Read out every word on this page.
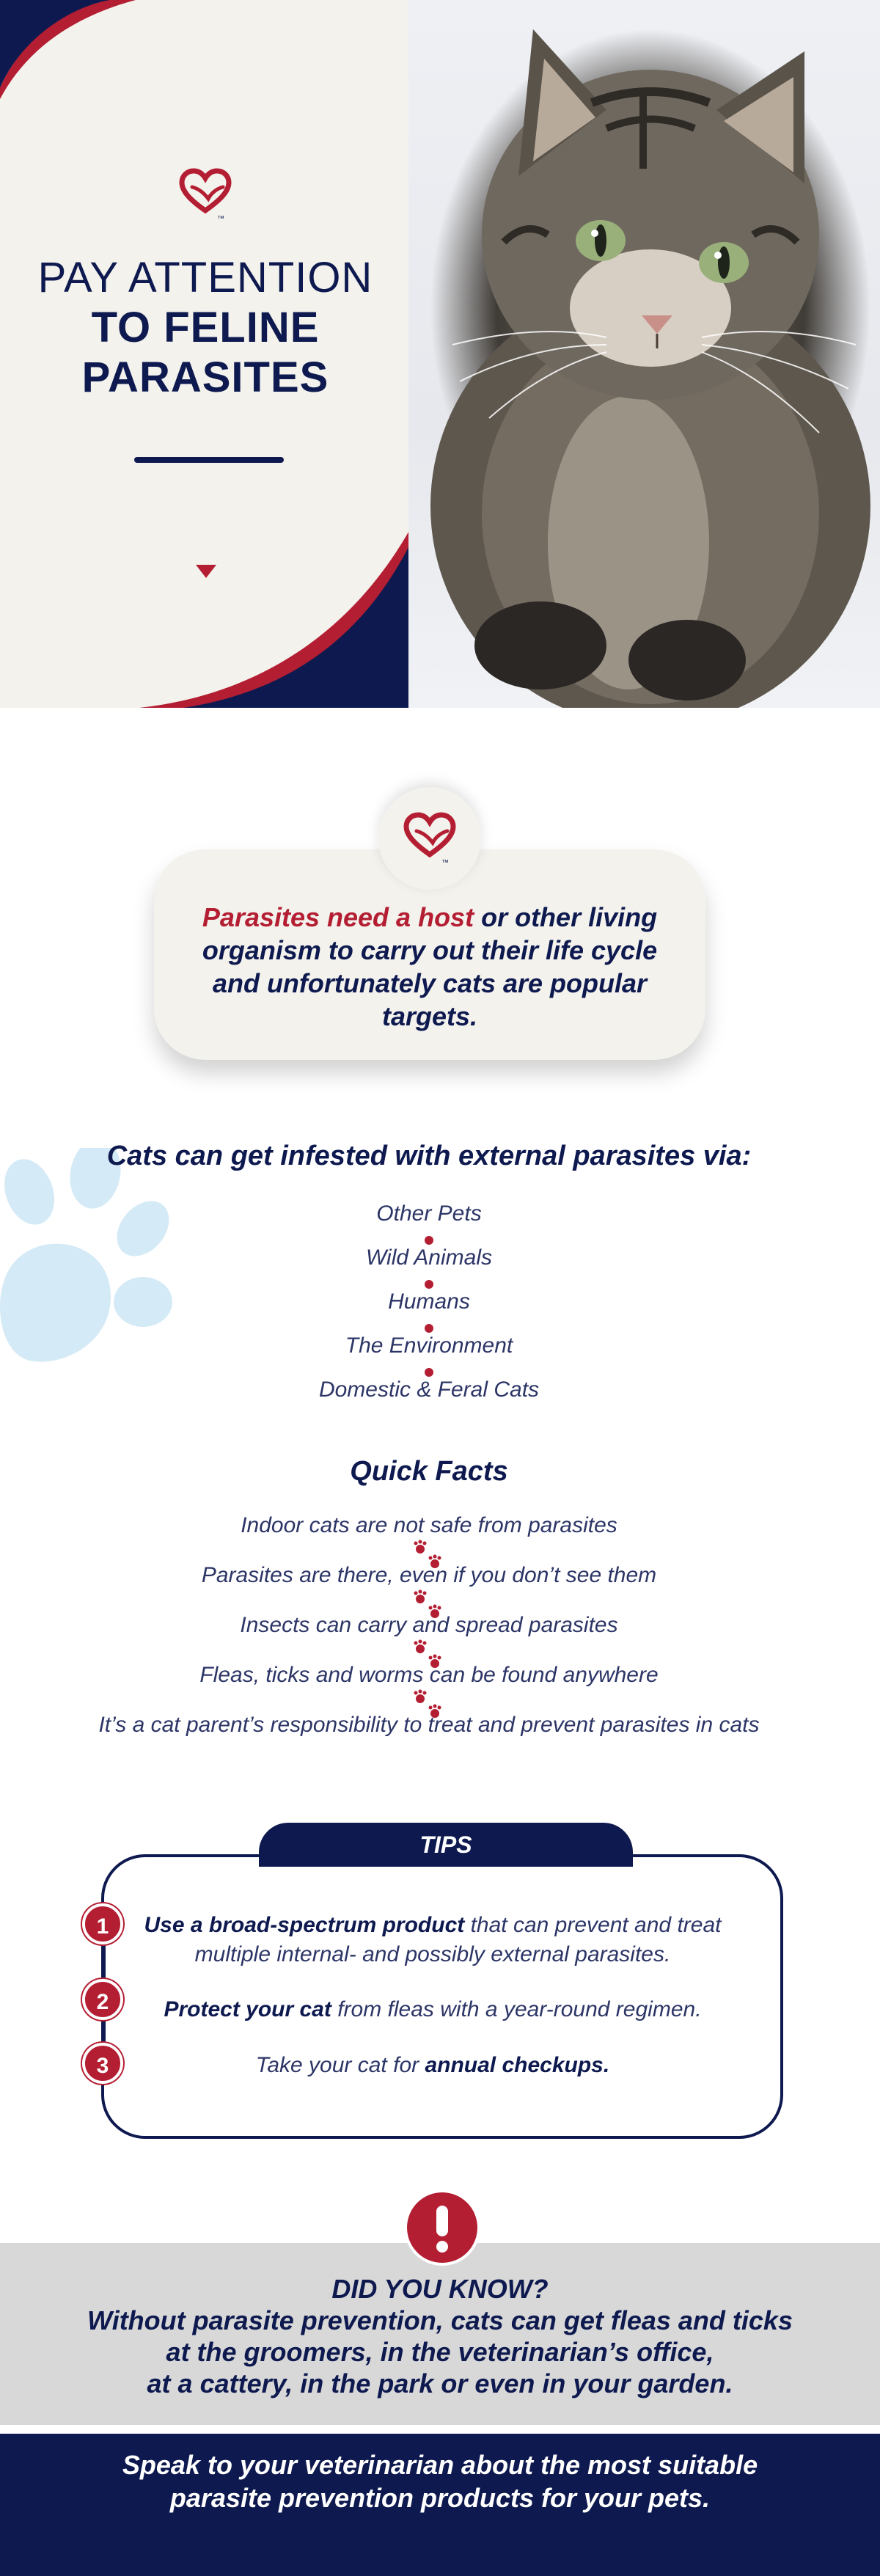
™
PAY ATTENTION
TO FELINE
PARASITES
™
Parasites need a host or other living organism to carry out their life cycle and unfortunately cats are popular targets.
Cats can get infested with external parasites via:
Other Pets
Wild Animals
Humans
The Environment
Domestic & Feral Cats
Quick Facts
Indoor cats are not safe from parasites
Parasites are there, even if you don’t see them
Insects can carry and spread parasites
Fleas, ticks and worms can be found anywhere
It’s a cat parent’s responsibility to treat and prevent parasites in cats
TIPS
1	Use a broad-spectrum product that can prevent and treat
multiple internal- and possibly external parasites.
2	Protect your cat from fleas with a year-round regimen.
3	Take your cat for annual checkups.
DID YOU KNOW?
Without parasite prevention, cats can get fleas and ticks
at the groomers, in the veterinarian’s office,
at a cattery, in the park or even in your garden.
Speak to your veterinarian about the most suitable
parasite prevention products for your pets.
